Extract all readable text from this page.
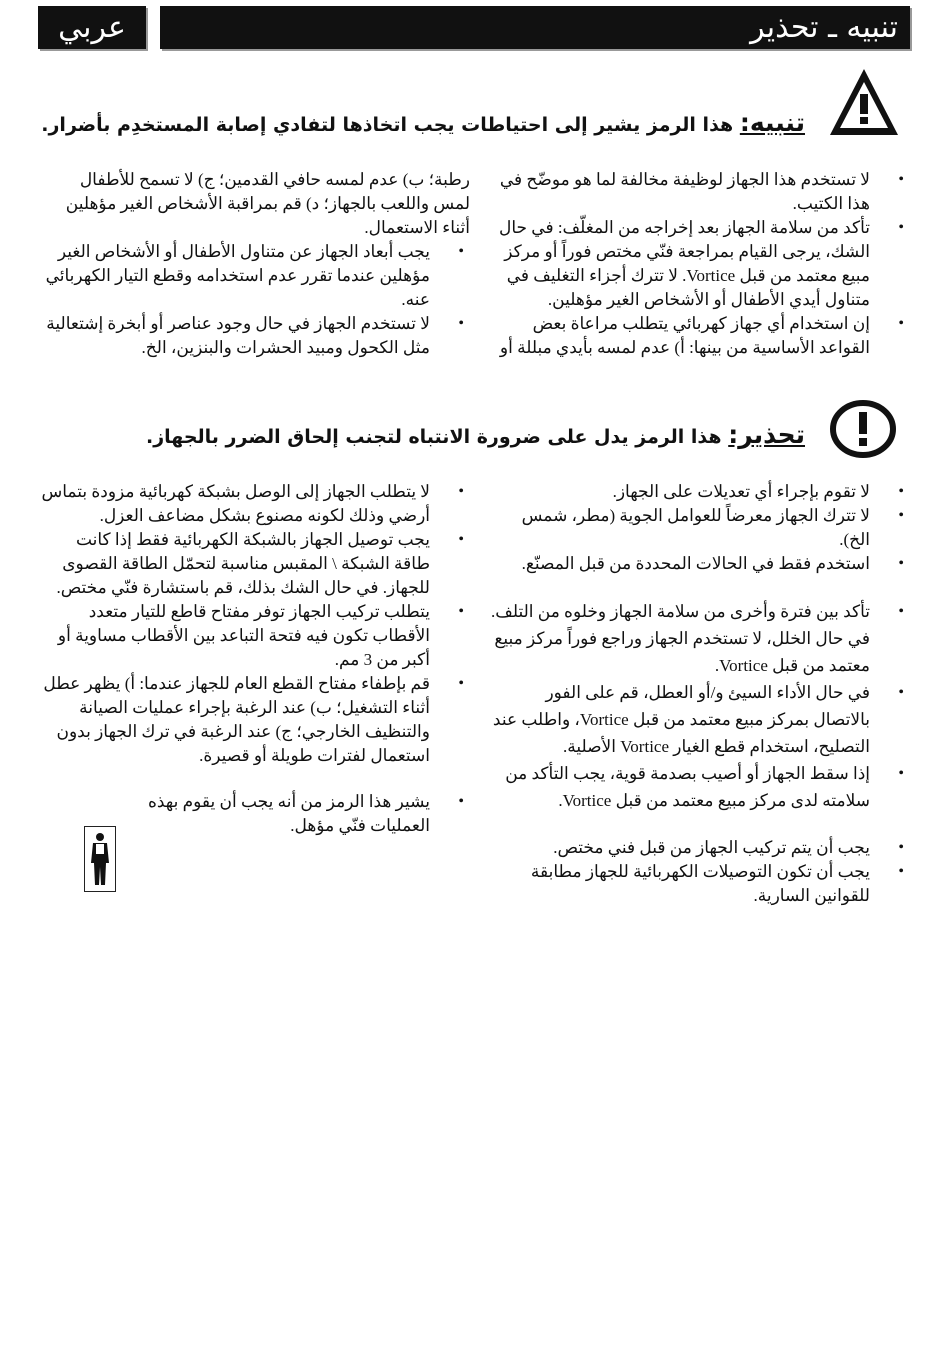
عربي	تنبيه ـ تحذير
تنبيه: هذا الرمز يشير إلى احتياطات يجب اتخاذها لتفادي إصابة المستخدِم بأضرار.
• لا تستخدم هذا الجهاز لوظيفة مخالفة لما هو موضّح في هذا الكتيب.
• تأكد من سلامة الجهاز بعد إخراجه من المغلّف: في حال الشك، يرجى القيام بمراجعة فنّي مختص فوراً أو مركز مبيع معتمد من قبل Vortice. لا تترك أجزاء التغليف في متناول أيدي الأطفال أو الأشخاص الغير مؤهلين.
• إن استخدام أي جهاز كهربائي يتطلب مراعاة بعض القواعد الأساسية من بينها: أ) عدم لمسه بأيدي مبللة أو
رطبة؛ ب) عدم لمسه حافي القدمين؛ ج) لا تسمح للأطفال لمس واللعب بالجهاز؛ د) قم بمراقبة الأشخاص الغير مؤهلين أثناء الاستعمال.
• يجب أبعاد الجهاز عن متناول الأطفال أو الأشخاص الغير مؤهلين عندما تقرر عدم استخدامه وقطع التيار الكهربائي عنه.
• لا تستخدم الجهاز في حال وجود عناصر أو أبخرة إشتعالية مثل الكحول ومبيد الحشرات والبنزين، الخ.
تحذير: هذا الرمز يدل على ضرورة الانتباه لتجنب إلحاق الضرر بالجهاز.
• لا تقوم بإجراء أي تعديلات على الجهاز.
• لا تترك الجهاز معرضاً للعوامل الجوية (مطر، شمس الخ).
• استخدم فقط في الحالات المحددة من قبل المصنّع.
• تأكد بين فترة وأخرى من سلامة الجهاز وخلوه من التلف. في حال الخلل، لا تستخدم الجهاز وراجع فوراً مركز مبيع معتمد من قبل Vortice.
• في حال الأداء السيئ و/أو العطل، قم على الفور بالاتصال بمركز مبيع معتمد من قبل Vortice، واطلب عند التصليح، استخدام قطع الغيار Vortice الأصلية.
• إذا سقط الجهاز أو أصيب بصدمة قوية، يجب التأكد من سلامته لدى مركز مبيع معتمد من قبل Vortice.
• يجب أن يتم تركيب الجهاز من قبل فني مختص.
• يجب أن تكون التوصيلات الكهربائية للجهاز مطابقة للقوانين السارية.
• لا يتطلب الجهاز إلى الوصل بشبكة كهربائية مزودة بتماس أرضي وذلك لكونه مصنوع بشكل مضاعف العزل.
• يجب توصيل الجهاز بالشبكة الكهربائية فقط إذا كانت طاقة الشبكة \ المقبس مناسبة لتحمّل الطاقة القصوى للجهاز. في حال الشك بذلك، قم باستشارة فنّي مختص.
• يتطلب تركيب الجهاز توفر مفتاح قاطع للتيار متعدد الأقطاب تكون فيه فتحة التباعد بين الأقطاب مساوية أو أكبر من 3 مم.
• قم بإطفاء مفتاح القطع العام للجهاز عندما: أ) يظهر عطل أثناء التشغيل؛ ب) عند الرغبة بإجراء عمليات الصيانة والتنظيف الخارجي؛ ج) عند الرغبة في ترك الجهاز بدون استعمال لفترات طويلة أو قصيرة.
• يشير هذا الرمز من أنه يجب أن يقوم بهذه العمليات فنّي مؤهل.
